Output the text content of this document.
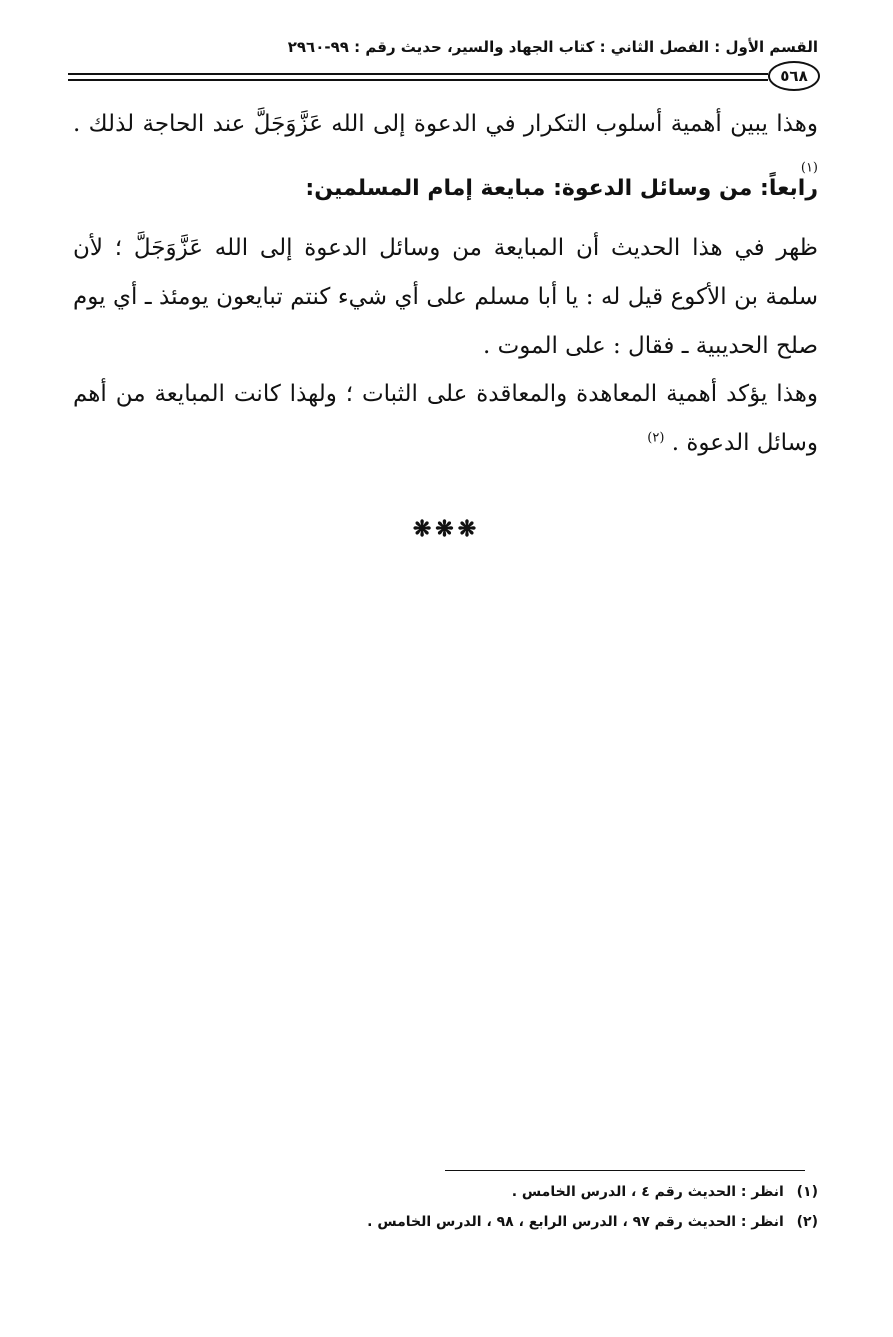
القسم الأول : الفصل الثاني : كتاب الجهاد والسير، حديث رقم : ٩٩-٢٩٦٠
٥٦٨
وهذا يبين أهمية أسلوب التكرار في الدعوة إلى الله عَزَّوَجَلَّ عند الحاجة لذلك . $^{(١)}$
رابعاً: من وسائل الدعوة: مبايعة إمام المسلمين:
ظهر في هذا الحديث أن المبايعة من وسائل الدعوة إلى الله عَزَّوَجَلَّ ؛ لأن سلمة بن الأكوع قيل له : يا أبا مسلم على أي شيء كنتم تبايعون يومئذ ـ أي يوم صلح الحديبية ـ فقال : على الموت .
وهذا يؤكد أهمية المعاهدة والمعاقدة على الثبات ؛ ولهذا كانت المبايعة من أهم وسائل الدعوة . $^{(٢)}$
❋❋❋
(١) انظر : الحديث رقم ٤ ، الدرس الخامس .
(٢) انظر : الحديث رقم ٩٧ ، الدرس الرابع ، ٩٨ ، الدرس الخامس .
